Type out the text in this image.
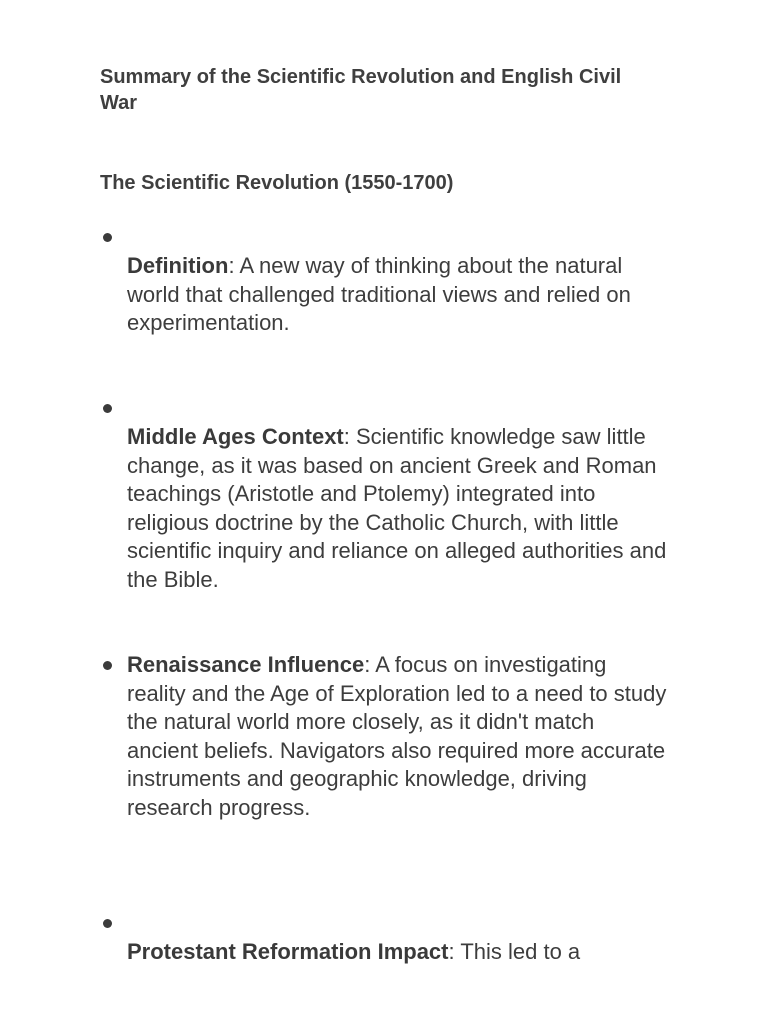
Summary of the Scientific Revolution and English Civil War
The Scientific Revolution (1550-1700)

Definition: A new way of thinking about the natural world that challenged traditional views and relied on experimentation.

Middle Ages Context: Scientific knowledge saw little change, as it was based on ancient Greek and Roman teachings (Aristotle and Ptolemy) integrated into religious doctrine by the Catholic Church, with little scientific inquiry and reliance on alleged authorities and the Bible.

Renaissance Influence: A focus on investigating reality and the Age of Exploration led to a need to study the natural world more closely, as it didn't match ancient beliefs. Navigators also required more accurate instruments and geographic knowledge, driving research progress.

Protestant Reformation Impact: This led to a
